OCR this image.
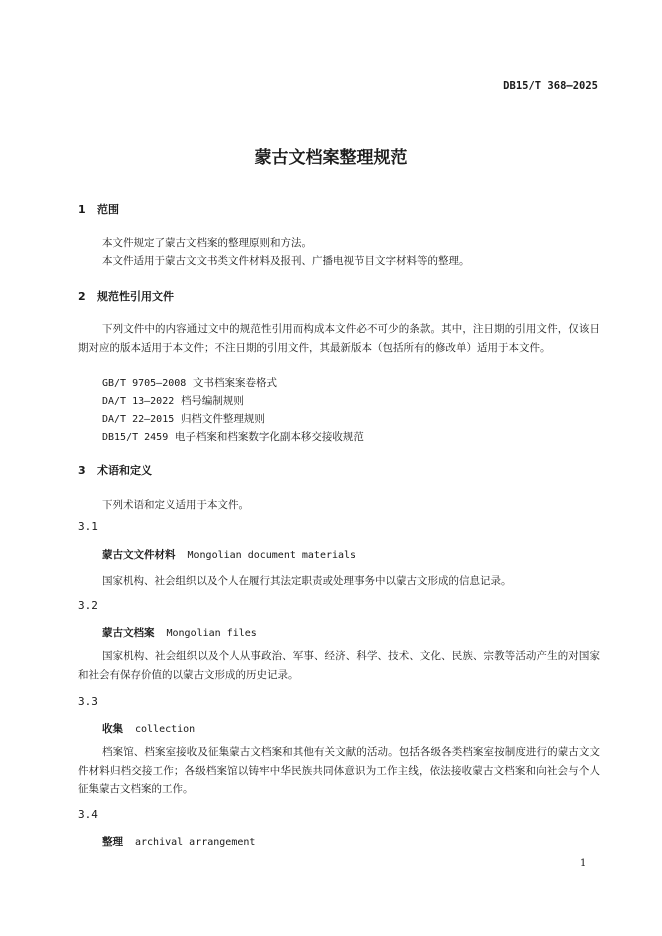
DB15/T 368—2025
蒙古文档案整理规范
1 范围
本文件规定了蒙古文档案的整理原则和方法。
本文件适用于蒙古文文书类文件材料及报刊、广播电视节目文字材料等的整理。
2 规范性引用文件
下列文件中的内容通过文中的规范性引用而构成本文件必不可少的条款。其中，注日期的引用文件，仅该日期对应的版本适用于本文件；不注日期的引用文件，其最新版本（包括所有的修改单）适用于本文件。
GB/T 9705—2008 文书档案案卷格式
DA/T 13—2022 档号编制规则
DA/T 22—2015 归档文件整理规则
DB15/T 2459 电子档案和档案数字化副本移交接收规范
3 术语和定义
下列术语和定义适用于本文件。
3.1
蒙古文文件材料 Mongolian document materials
国家机构、社会组织以及个人在履行其法定职责或处理事务中以蒙古文形成的信息记录。
3.2
蒙古文档案 Mongolian files
国家机构、社会组织以及个人从事政治、军事、经济、科学、技术、文化、民族、宗教等活动产生的对国家和社会有保存价值的以蒙古文形成的历史记录。
3.3
收集 collection
档案馆、档案室接收及征集蒙古文档案和其他有关文献的活动。包括各级各类档案室按制度进行的蒙古文文件材料归档交接工作；各级档案馆以铸牢中华民族共同体意识为工作主线，依法接收蒙古文档案和向社会与个人征集蒙古文档案的工作。
3.4
整理 archival arrangement
1
